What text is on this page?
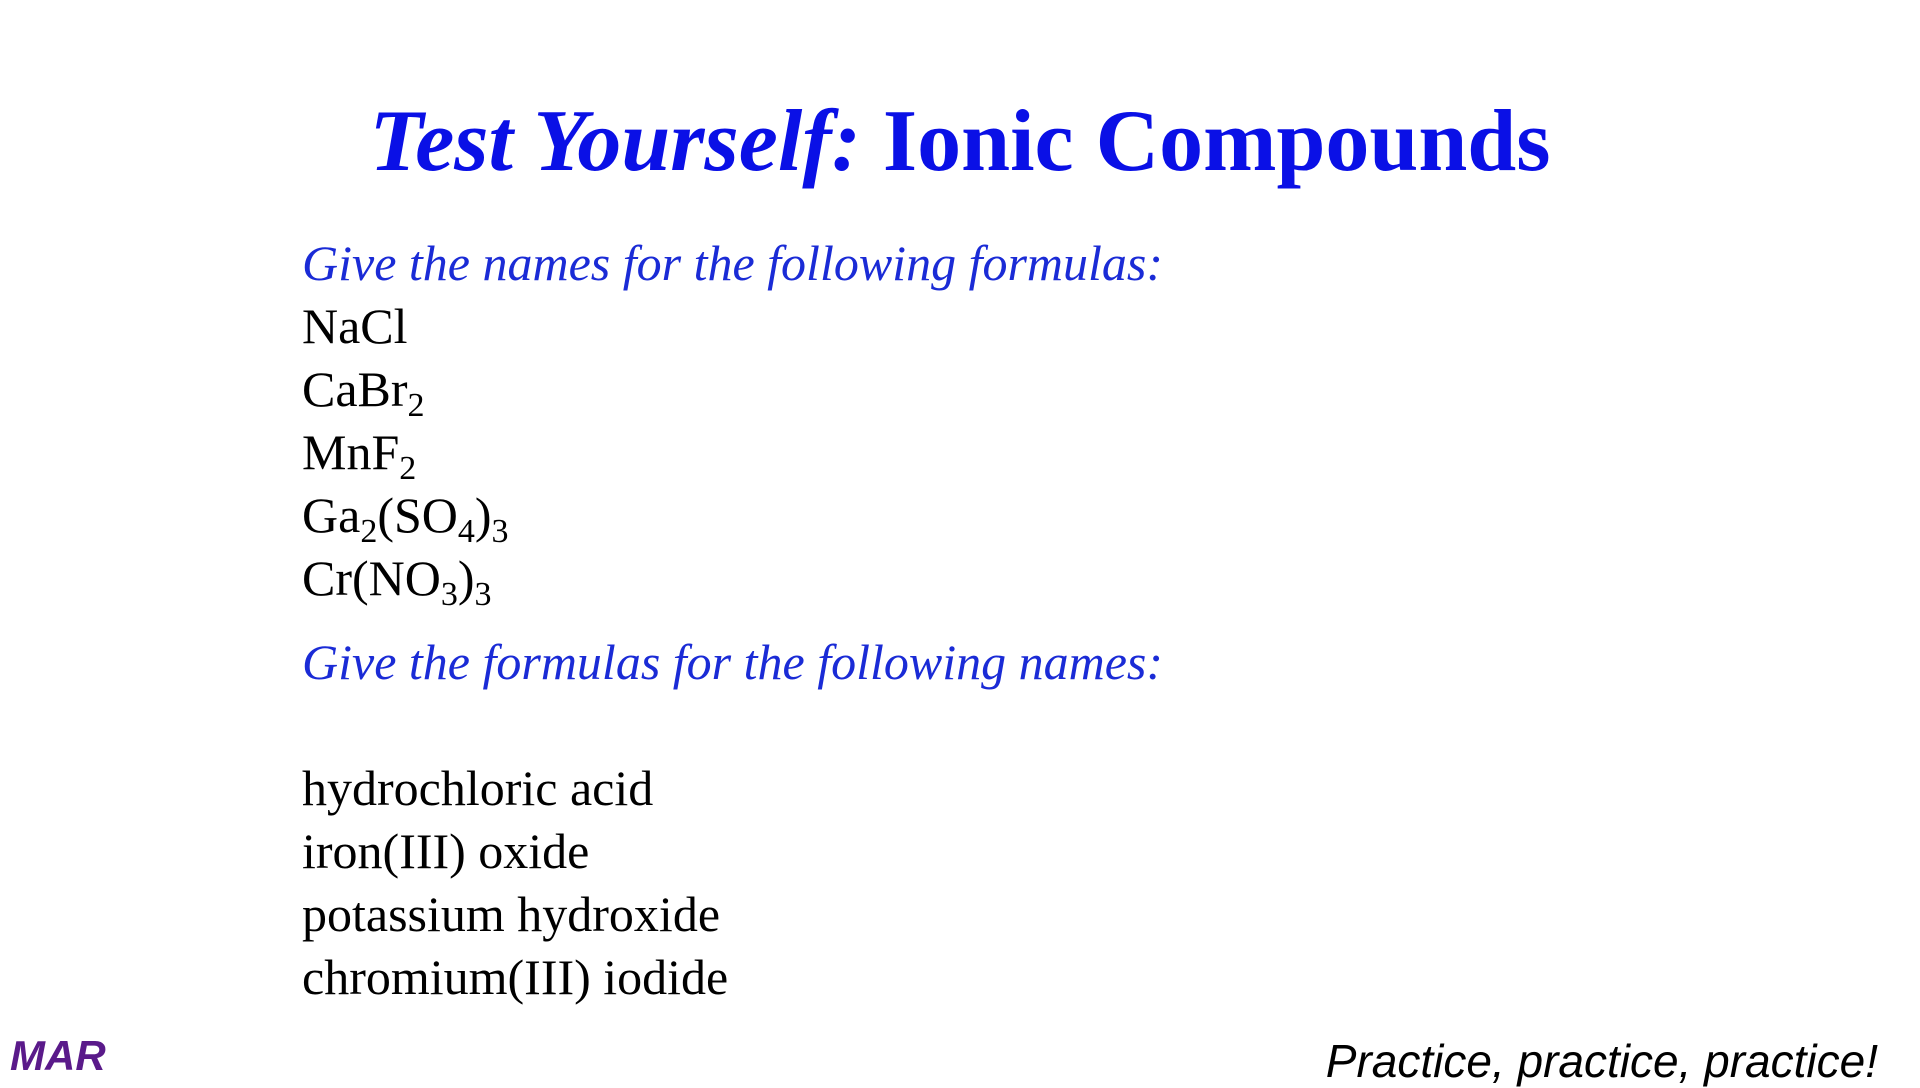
Test Yourself: Ionic Compounds
Give the names for the following formulas:
NaCl
CaBr$_2$
MnF$_2$
$Ga_2(SO_4)_3$
$Cr(NO_3)_3$
Give the formulas for the following names:
hydrochloric acid
iron(III) oxide
potassium hydroxide
chromium(III) iodide
MAR	Practice, practice, practice!
